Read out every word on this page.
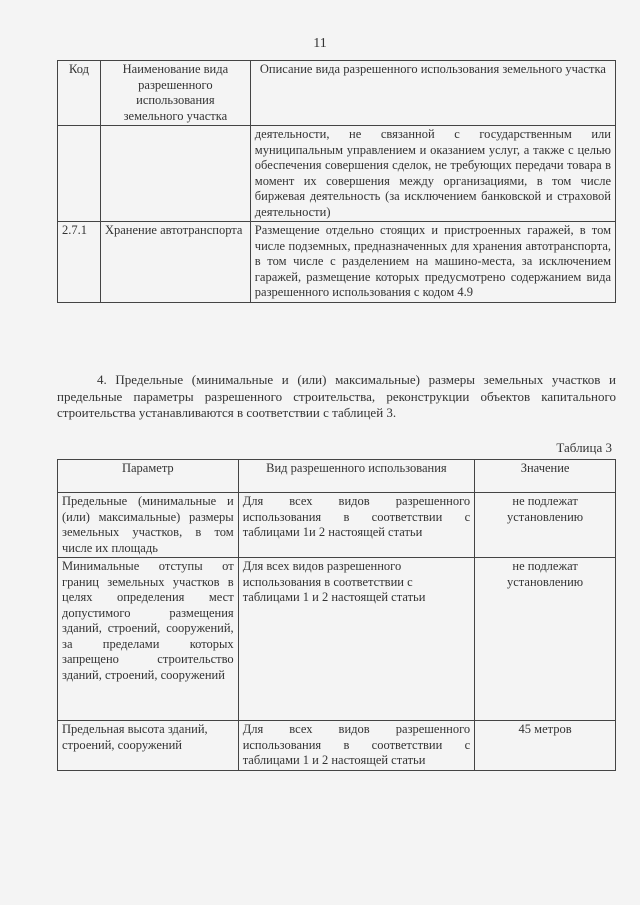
11
Код	Наименование вида разрешенного использования земельного участка	Описание вида разрешенного использования земельного участка
		деятельности, не связанной с государственным или муниципальным управлением и оказанием услуг, а также с целью обеспечения совершения сделок, не требующих передачи товара в момент их совершения между организациями, в том числе биржевая деятельность (за исключением банковской и страховой деятельности)
2.7.1	Хранение автотранспорта	Размещение отдельно стоящих и пристроенных гаражей, в том числе подземных, предназначенных для хранения автотранспорта, в том числе с разделением на машино-места, за исключением гаражей, размещение которых предусмотрено содержанием вида разрешенного использования с кодом 4.9

4. Предельные (минимальные и (или) максимальные) размеры земельных участков и предельные параметры разрешенного строительства, реконструкции объектов капитального строительства устанавливаются в соответствии с таблицей 3.

Таблица 3
Параметр	Вид разрешенного использования	Значение
Предельные (минимальные и (или) максимальные) размеры земельных участков, в том числе их площадь	Для всех видов разрешенного использования в соответствии с таблицами 1и 2 настоящей статьи	не подлежат установлению
Минимальные отступы от границ земельных участков в целях определения мест допустимого размещения зданий, строений, сооружений, за пределами которых запрещено строительство зданий, строений, сооружений	Для всех видов разрешенного использования в соответствии с таблицами 1 и 2 настоящей статьи	не подлежат установлению
Предельная высота зданий, строений, сооружений	Для всех видов разрешенного использования в соответствии с таблицами 1 и 2 настоящей статьи	45 метров
